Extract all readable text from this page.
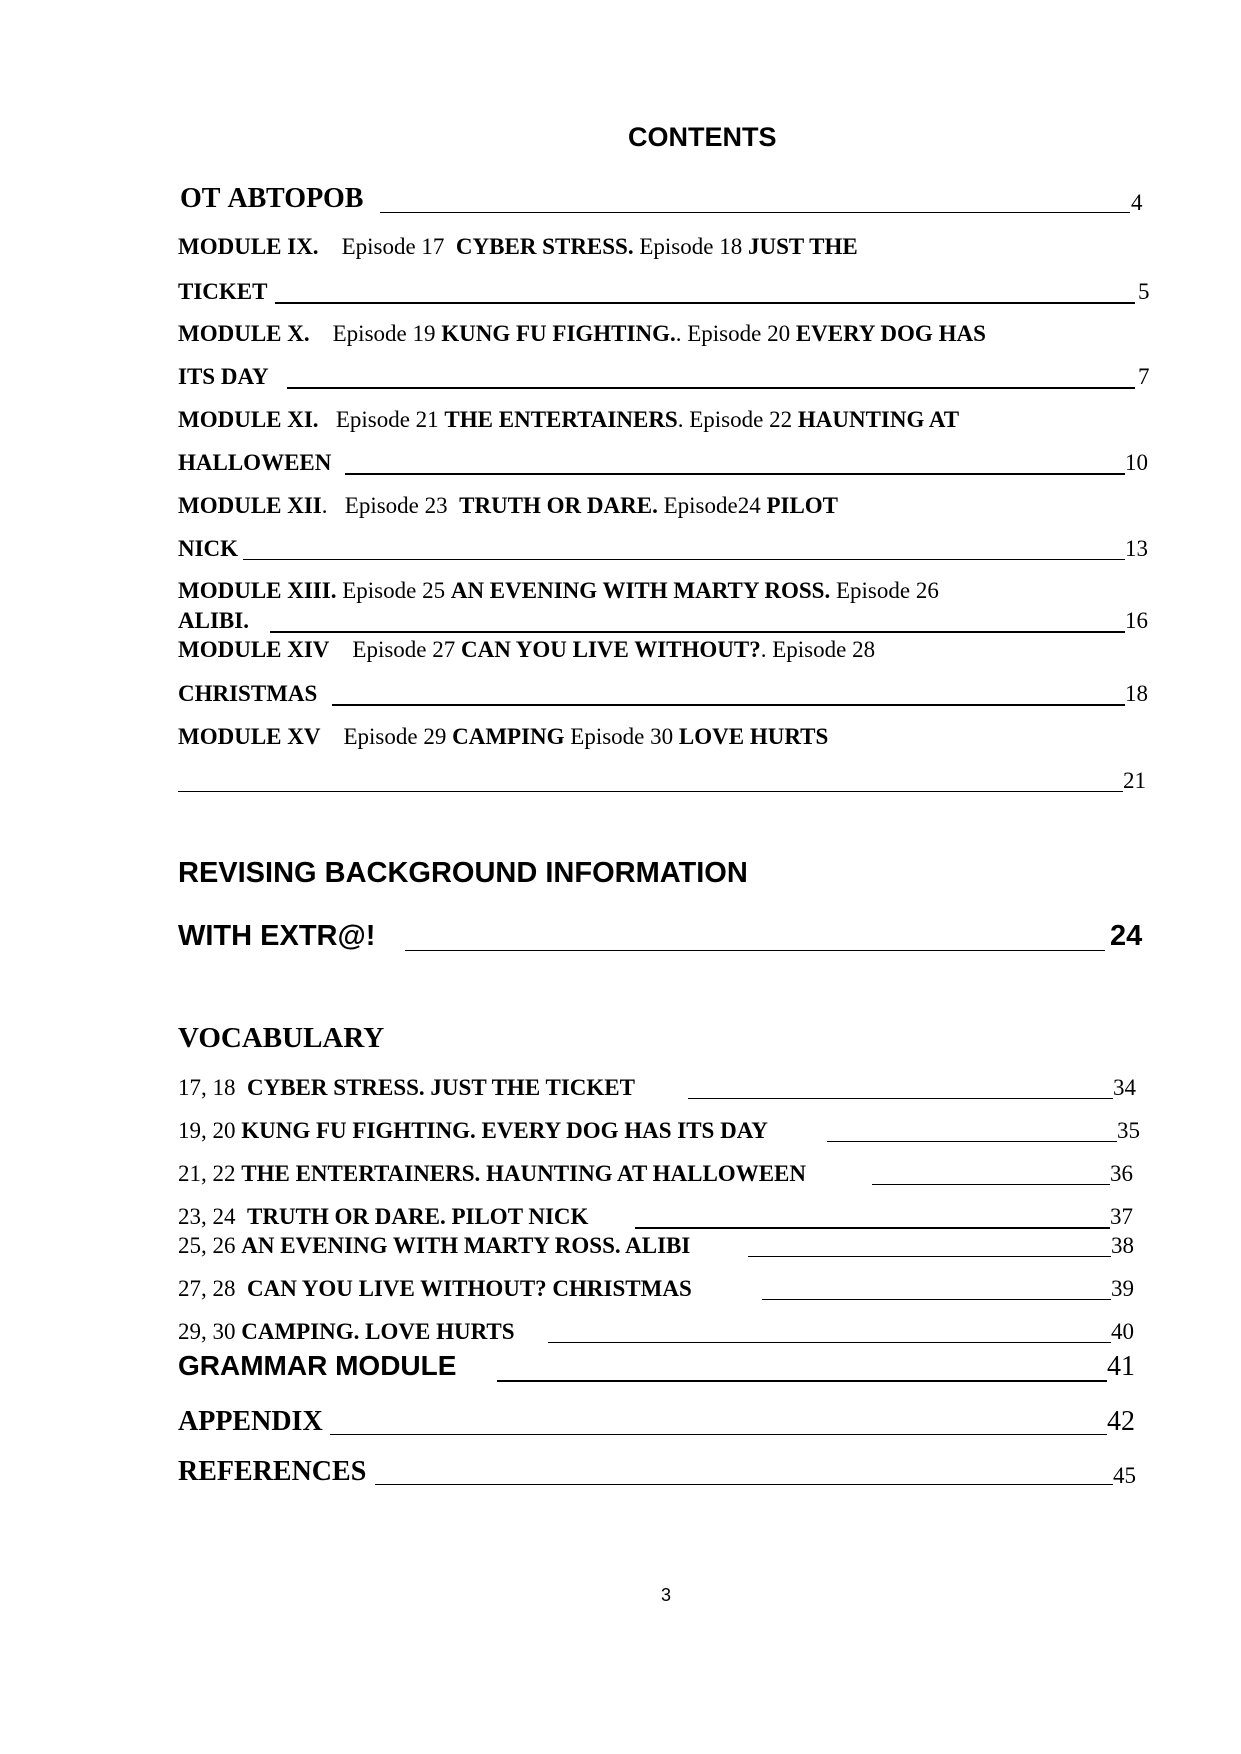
CONTENTS
ОТ АВТОРОВ	4
MODULE IX. Episode 17 CYBER STRESS. Episode 18 JUST THE
TICKET	5
MODULE X. Episode 19 KUNG FU FIGHTING.. Episode 20 EVERY DOG HAS
ITS DAY	7
MODULE XI. Episode 21 THE ENTERTAINERS. Episode 22 HAUNTING AT
HALLOWEEN	10
MODULE XII. Episode 23 TRUTH OR DARE. Episode24 PILOT
NICK	13
MODULE XIII. Episode 25 AN EVENING WITH MARTY ROSS. Episode 26
ALIBI.	16
MODULE XIV Episode 27 CAN YOU LIVE WITHOUT?. Episode 28
CHRISTMAS	18
MODULE XV Episode 29 CAMPING Episode 30 LOVE HURTS
21
REVISING BACKGROUND INFORMATION
WITH EXTR@!	24
VOCABULARY
17, 18 CYBER STRESS. JUST THE TICKET	34
19, 20 KUNG FU FIGHTING. EVERY DOG HAS ITS DAY	35
21, 22 THE ENTERTAINERS. HAUNTING AT HALLOWEEN	36
23, 24 TRUTH OR DARE. PILOT NICK	37
25, 26 AN EVENING WITH MARTY ROSS. ALIBI	38
27, 28 CAN YOU LIVE WITHOUT? CHRISTMAS	39
29, 30 CAMPING. LOVE HURTS	40
GRAMMAR MODULE	41
APPENDIX	42
REFERENCES	45
3
